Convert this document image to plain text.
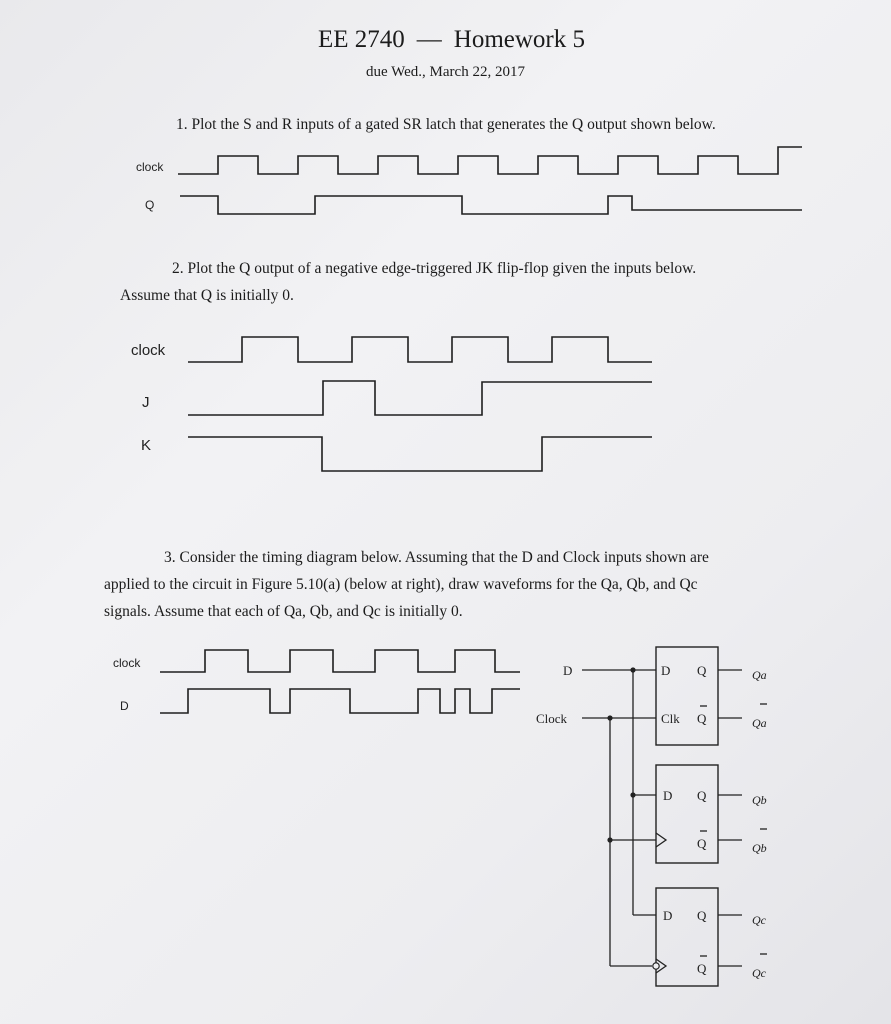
EE 2740 — Homework 5
due Wed., March 22, 2017
1. Plot the S and R inputs of a gated SR latch that generates the Q output shown below.
clock
Q
2. Plot the Q output of a negative edge-triggered JK flip-flop given the inputs below.
Assume that Q is initially 0.
clock
J
K
3. Consider the timing diagram below. Assuming that the D and Clock inputs shown are
applied to the circuit in Figure 5.10(a) (below at right), draw waveforms for the Qa, Qb, and Qc
signals. Assume that each of Qa, Qb, and Qc is initially 0.
clock
D
D
Clock
D Q
Clk Q
Qa
Qa
D Q
Q
Qb
Qb
D Q
Q
Qc
Qc
